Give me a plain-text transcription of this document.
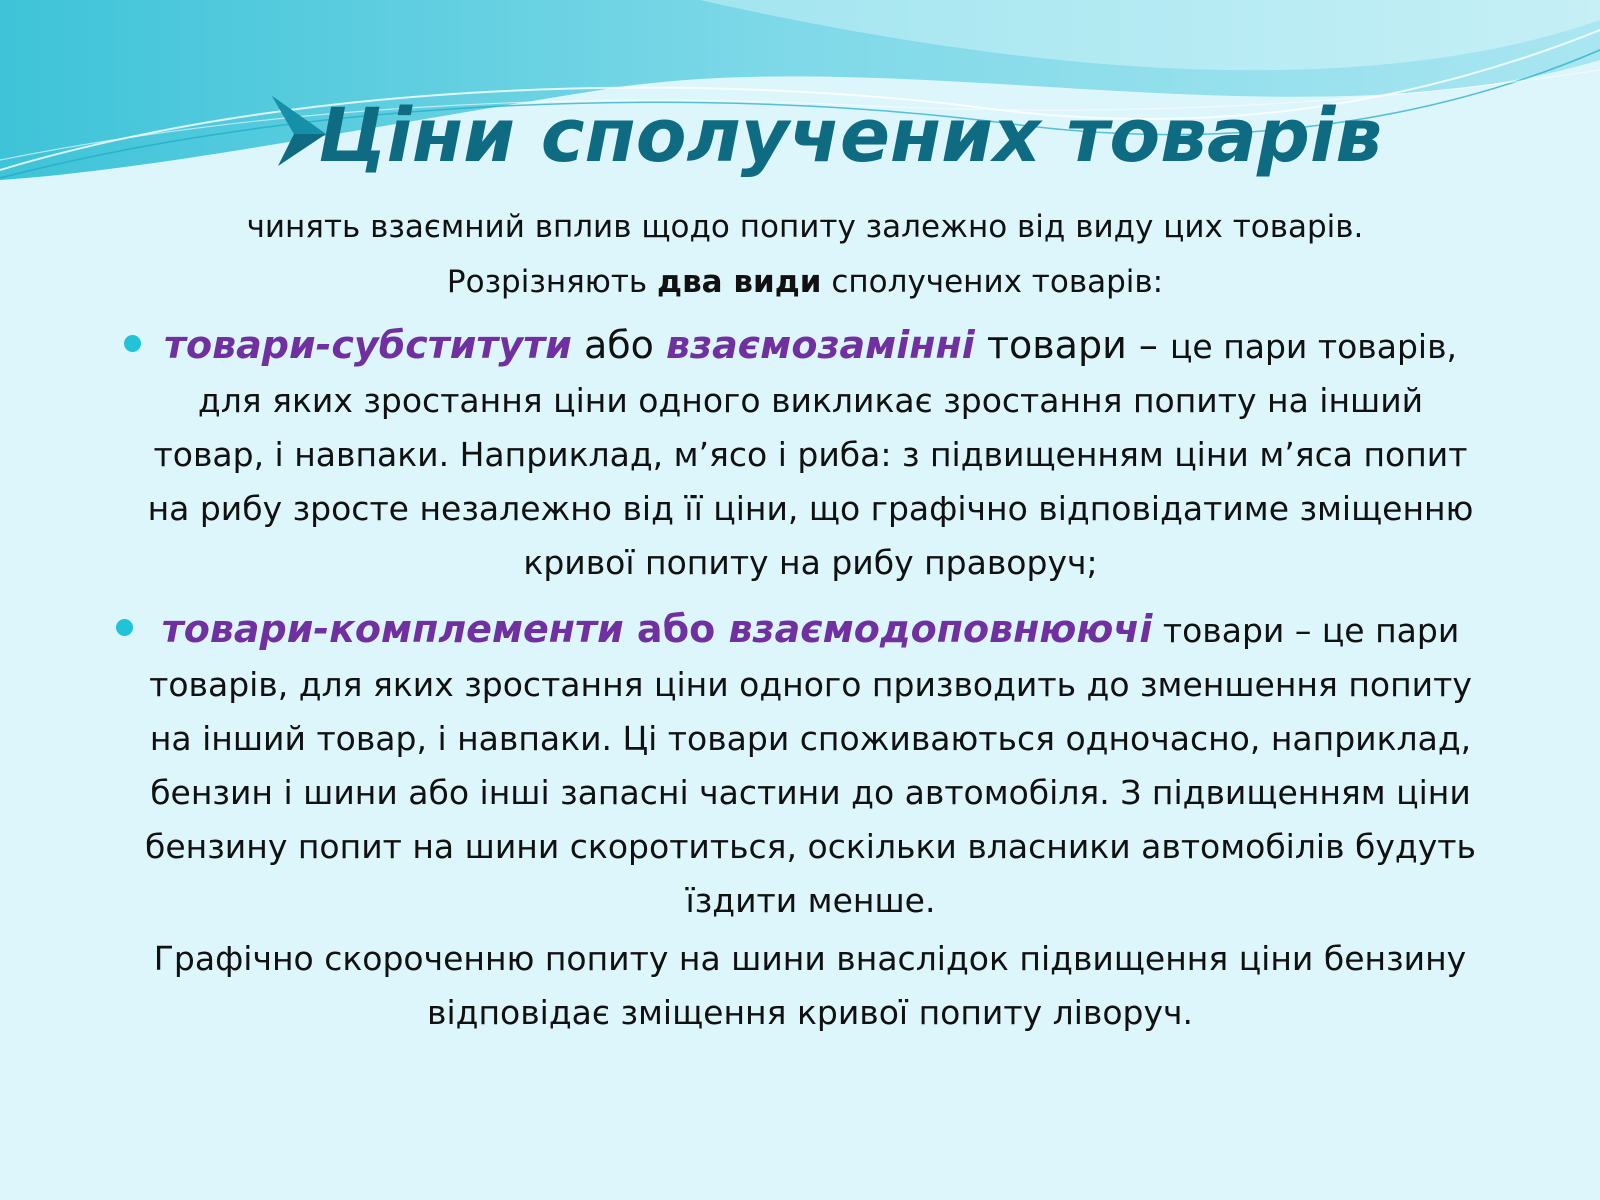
Ціни сполучених товарів
чинять взаємний вплив щодо попиту залежно від виду цих товарів.
Розрізняють два види сполучених товарів:
товари-субститути або взаємозамінні товари – це пари товарів, для яких зростання ціни одного викликає зростання попиту на інший товар, і навпаки. Наприклад, м’ясо і риба: з підвищенням ціни м’яса попит на рибу зросте незалежно від її ціни, що графічно відповідатиме зміщенню кривої попиту на рибу праворуч;
товари-комплементи або взаємодоповнюючі товари – це пари товарів, для яких зростання ціни одного призводить до зменшення попиту на інший товар, і навпаки. Ці товари споживаються одночасно, наприклад, бензин і шини або інші запасні частини до автомобіля. З підвищенням ціни бензину попит на шини скоротиться, оскільки власники автомобілів будуть їздити менше.
Графічно скороченню попиту на шини внаслідок підвищення ціни бензину відповідає зміщення кривої попиту ліворуч.
